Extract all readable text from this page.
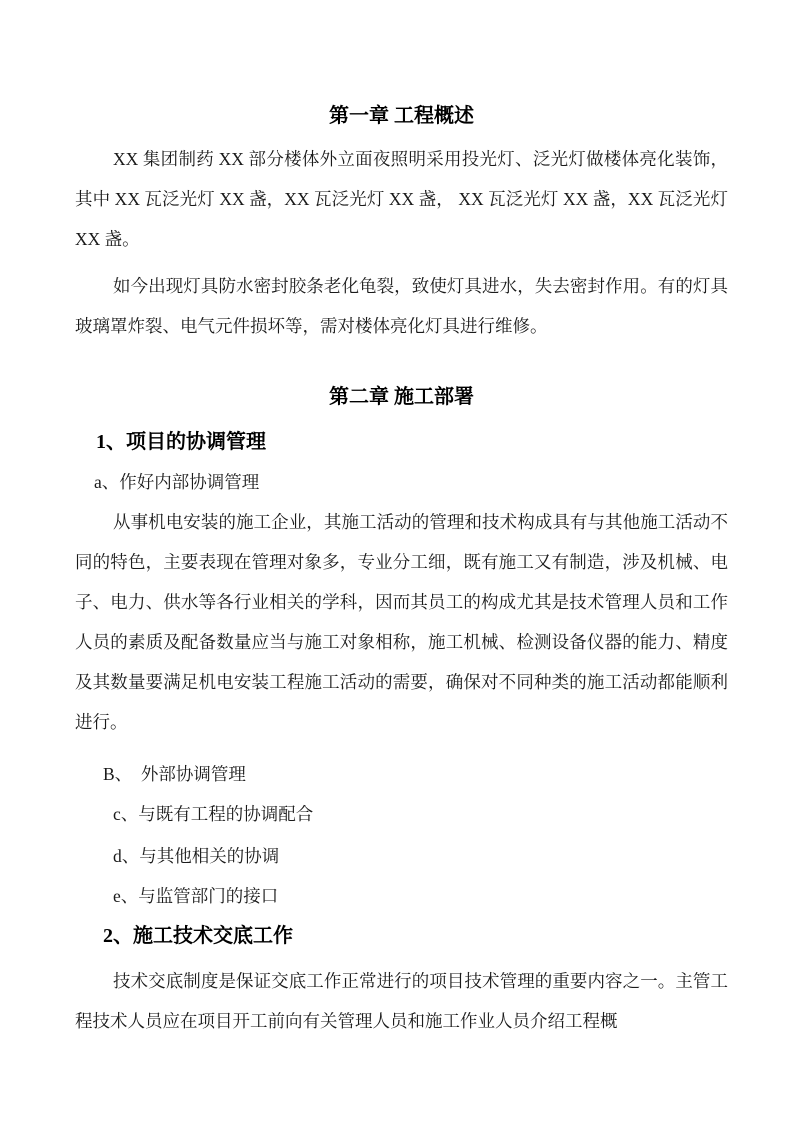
第一章 工程概述

XX 集团制药 XX 部分楼体外立面夜照明采用投光灯、泛光灯做楼体亮化装饰，其中 XX 瓦泛光灯 XX 盏，XX 瓦泛光灯 XX 盏， XX 瓦泛光灯 XX 盏，XX 瓦泛光灯 XX 盏。

如今出现灯具防水密封胶条老化龟裂，致使灯具进水，失去密封作用。有的灯具玻璃罩炸裂、电气元件损坏等，需对楼体亮化灯具进行维修。

第二章 施工部署

1、项目的协调管理

a、作好内部协调管理

从事机电安装的施工企业，其施工活动的管理和技术构成具有与其他施工活动不同的特色，主要表现在管理对象多，专业分工细，既有施工又有制造，涉及机械、电子、电力、供水等各行业相关的学科，因而其员工的构成尤其是技术管理人员和工作人员的素质及配备数量应当与施工对象相称，施工机械、检测设备仪器的能力、精度及其数量要满足机电安装工程施工活动的需要，确保对不同种类的施工活动都能顺利进行。

B、　外部协调管理

c、与既有工程的协调配合

d、与其他相关的协调

e、与监管部门的接口

2、施工技术交底工作

技术交底制度是保证交底工作正常进行的项目技术管理的重要内容之一。主管工程技术人员应在项目开工前向有关管理人员和施工作业人员介绍工程概
